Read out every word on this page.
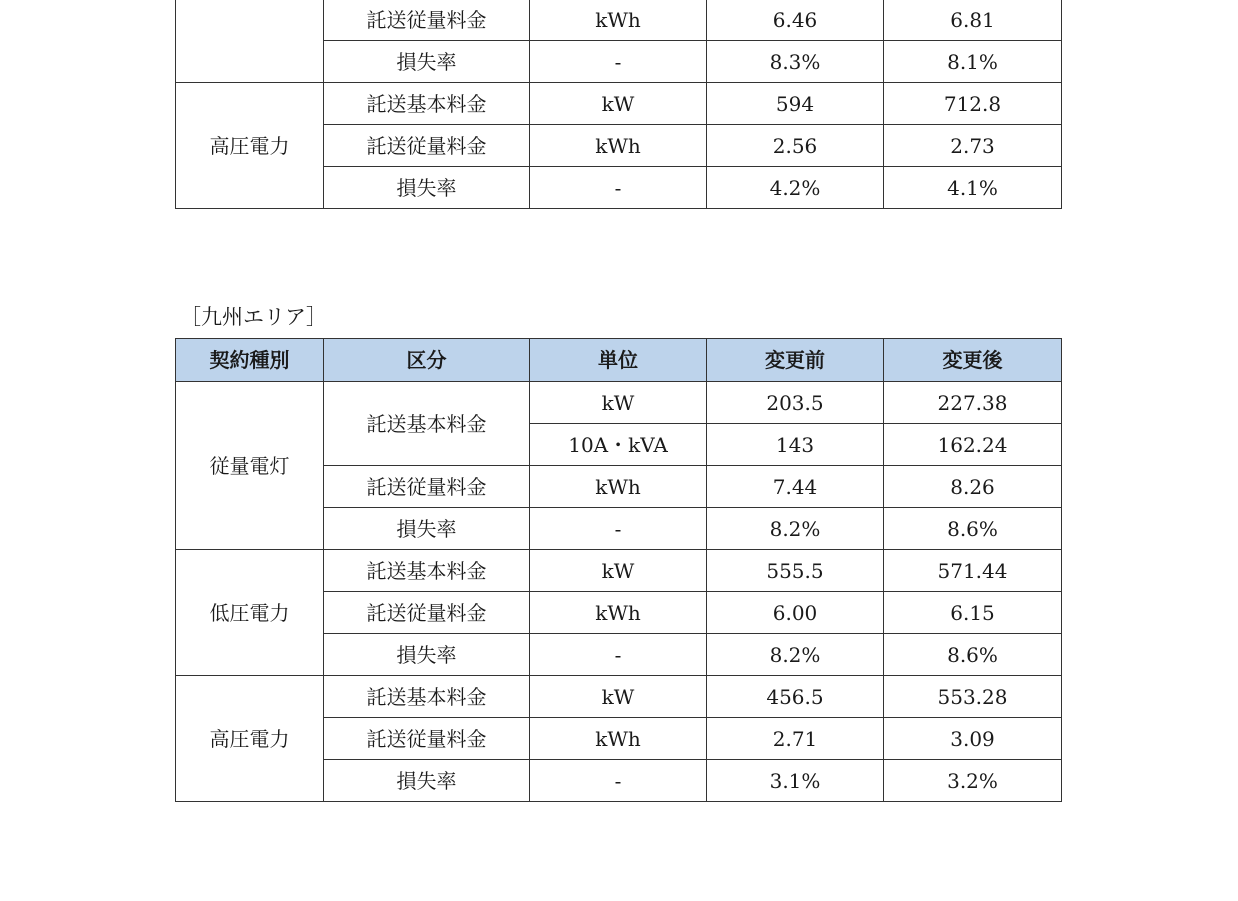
	託送従量料金	kWh	6.46	6.81
	損失率	-	8.3%	8.1%
高圧電力	託送基本料金	kW	594	712.8
	託送従量料金	kWh	2.56	2.73
	損失率	-	4.2%	4.1%

［九州エリア］

契約種別	区分	単位	変更前	変更後
従量電灯	託送基本料金	kW	203.5	227.38
		10A・kVA	143	162.24
	託送従量料金	kWh	7.44	8.26
	損失率	-	8.2%	8.6%
低圧電力	託送基本料金	kW	555.5	571.44
	託送従量料金	kWh	6.00	6.15
	損失率	-	8.2%	8.6%
高圧電力	託送基本料金	kW	456.5	553.28
	託送従量料金	kWh	2.71	3.09
	損失率	-	3.1%	3.2%
